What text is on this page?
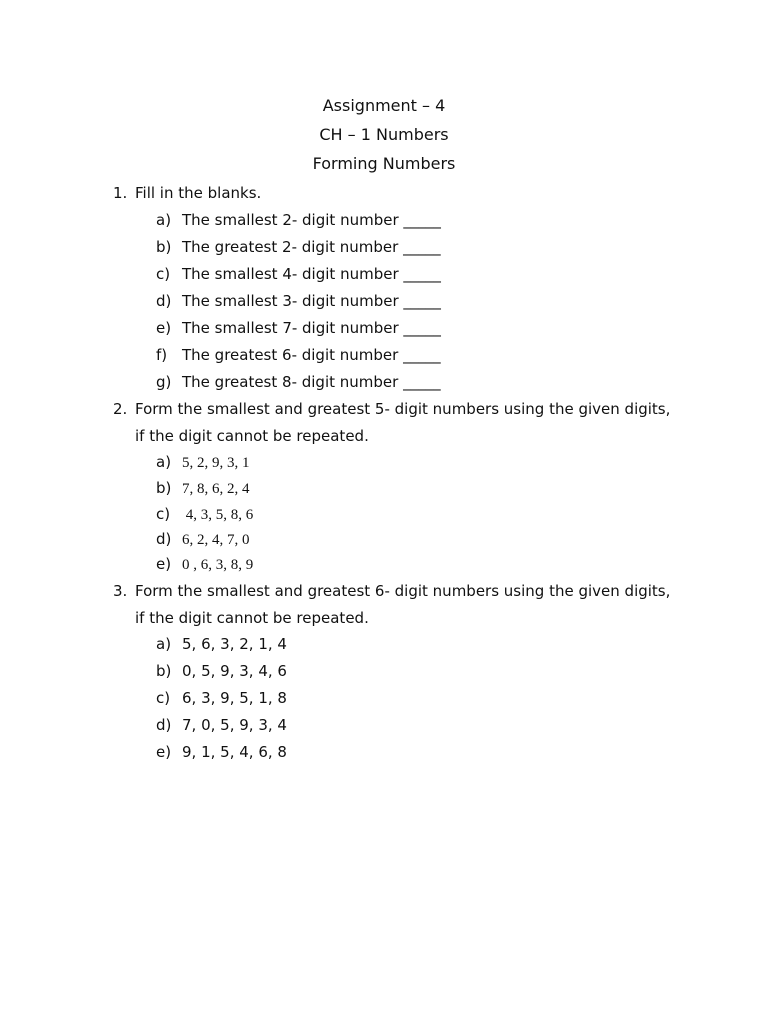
Assignment – 4
CH – 1 Numbers
Forming Numbers
1. Fill in the blanks.
a) The smallest 2- digit number _____
b) The greatest 2- digit number _____
c) The smallest 4- digit number _____
d) The smallest 3- digit number _____
e) The smallest 7- digit number _____
f) The greatest 6- digit number _____
g) The greatest 8- digit number _____
2. Form the smallest and greatest 5- digit numbers using the given digits,
if the digit cannot be repeated.
a) 5, 2, 9, 3, 1
b) 7, 8, 6, 2, 4
c) 4, 3, 5, 8, 6
d) 6, 2, 4, 7, 0
e) 0 , 6, 3, 8, 9
3. Form the smallest and greatest 6- digit numbers using the given digits,
if the digit cannot be repeated.
a) 5, 6, 3, 2, 1, 4
b) 0, 5, 9, 3, 4, 6
c) 6, 3, 9, 5, 1, 8
d) 7, 0, 5, 9, 3, 4
e) 9, 1, 5, 4, 6, 8
